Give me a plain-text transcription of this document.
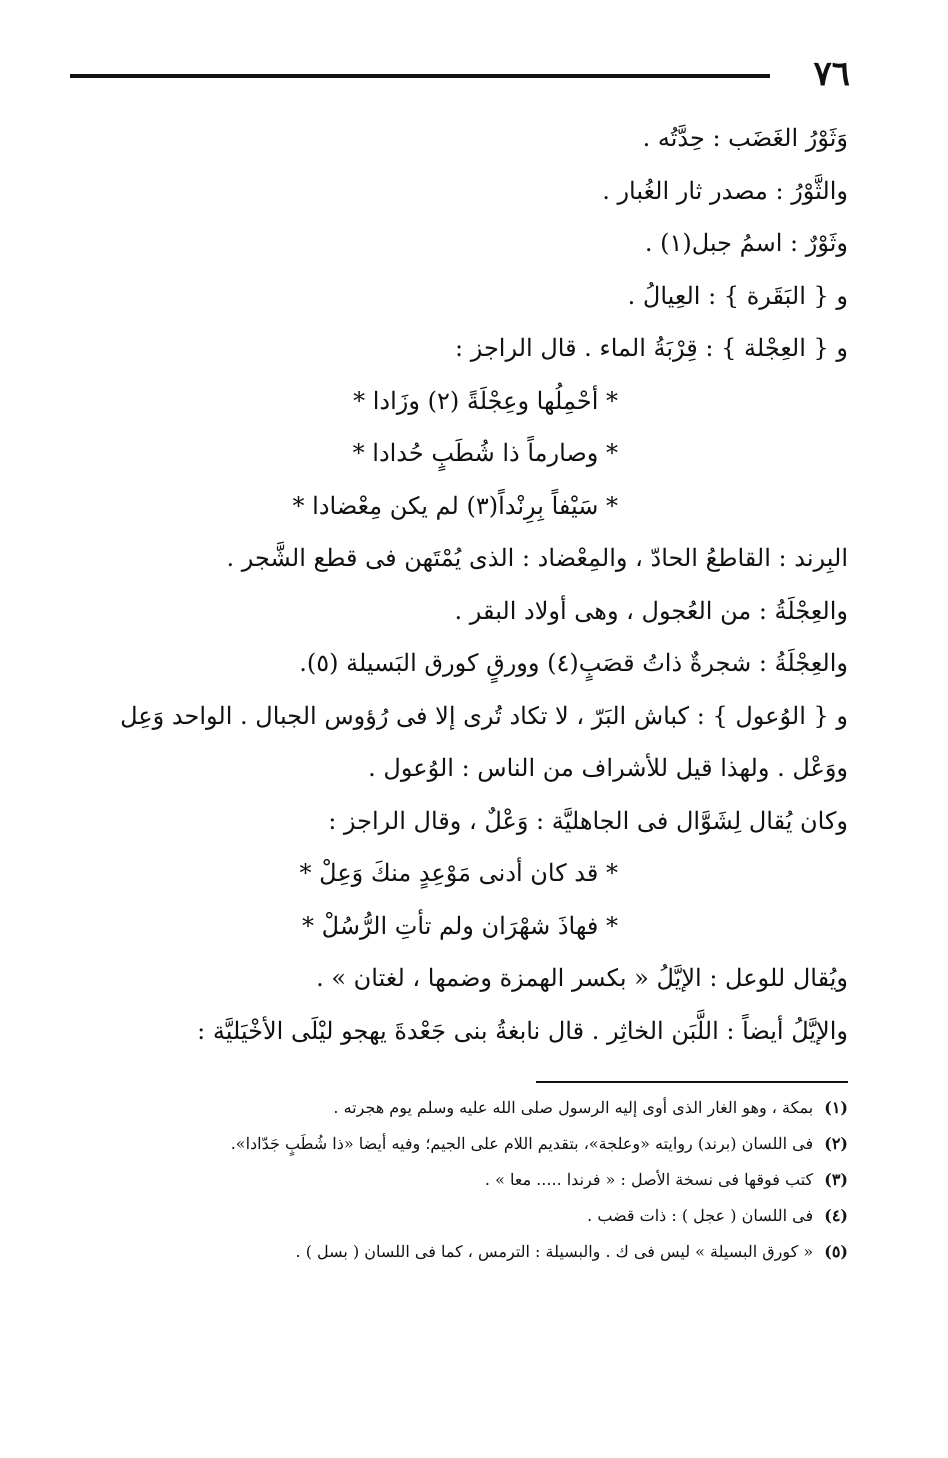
٧٦
وَثَوْرُ الغَضَب : حِدَّتُه .
والثَّوْرُ : مصدر ثار الغُبار .
وثَوْرٌ : اسمُ جبل(١) .
و { البَقَرة } : العِيالُ .
و { العِجْلة } : قِرْبَةُ الماء . قال الراجز :
* أحْمِلُها وعِجْلَةً (٢) وزَادا *
* وصارماً ذا شُطَبٍ حُدادا *
* سَيْفاً بِرِنْداً(٣) لم يكن مِعْضادا *
البِرند : القاطعُ الحادّ ، والمِعْضاد : الذى يُمْتَهن فى قطع الشَّجر .
والعِجْلَةُ : من العُجول ، وهى أولاد البقر .
والعِجْلَةُ : شجرةٌ ذاتُ قصَبٍ(٤) وورقٍ كورق البَسيلة (٥).
و { الوُعول } : كباش البَرّ ، لا تكاد تُرى إلا فى رُؤوس الجبال . الواحد وَعِل
ووَعْل . ولهذا قيل للأشراف من الناس : الوُعول .
وكان يُقال لِشَوَّال فى الجاهليَّة : وَعْلٌ ، وقال الراجز :
* قد كان أدنى مَوْعِدٍ منكَ وَعِلْ *
* فهاذَ شهْرَان ولم تأتِ الرُّسُلْ *
ويُقال للوعل : الإيَّلُ « بكسر الهمزة وضمها ، لغتان » .
والإيَّلُ أيضاً : اللَّبَن الخاثِر . قال نابغةُ بنى جَعْدةَ يهجو ليْلَى الأخْيَليَّة :
(١) بمكة ، وهو الغار الذى أوى إليه الرسول صلى الله عليه وسلم يوم هجرته .
(٢) فى اللسان (برند) روايته «وعلجة»، بتقديم اللام على الجيم؛ وفيه أيضا «ذا شُطَبٍ جَدّادا».
(٣) كتب فوقها فى نسخة الأصل : « فرندا ..... معا » .
(٤) فى اللسان ( عجل ) : ذات قضب .
(٥) « كورق البسيلة » ليس فى ك . والبسيلة : الترمس ، كما فى اللسان ( بسل ) .
